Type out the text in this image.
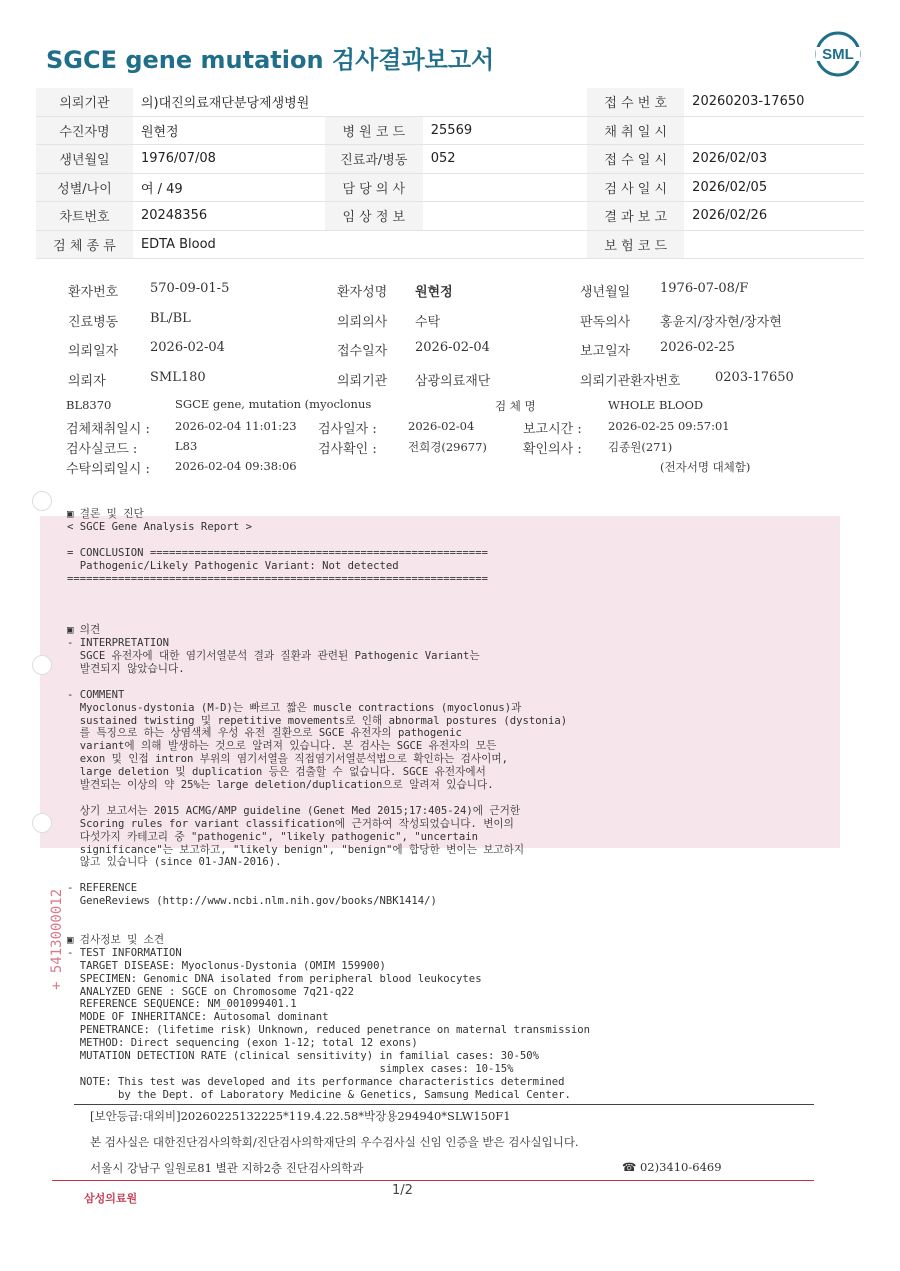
SGCE gene mutation 검사결과보고서	SML
의뢰기관	의)대진의료재단분당제생병원			접 수 번 호	20260203-17650
수진자명	원현정	병 원 코 드	25569	채 취 일 시	
생년월일	1976/07/08	진료과/병동	052	접 수 일 시	2026/02/03
성별/나이	여 / 49	담 당 의 사		검 사 일 시	2026/02/05
차트번호	20248356	임 상 정 보		결 과 보 고	2026/02/26
검 체 종 류	EDTA Blood			보 험 코 드	
환자번호 570-09-01-5	환자성명 원현정	생년월일 1976-07-08/F
진료병동 BL/BL	의뢰의사 수탁	판독의사 홍윤지/장자현/장자현
의뢰일자 2026-02-04	접수일자 2026-02-04	보고일자 2026-02-25
의뢰자	SML180	의뢰기관 삼광의료재단	의뢰기관환자번호	0203-17650
BL8370	SGCE gene, mutation (myoclonus	검 체 명	WHOLE BLOOD
검체채취일시 : 2026-02-04 11:01:23 검사일자 :	2026-02-04	보고시간 : 2026-02-25 09:57:01
검사실코드 :	L83	검사확인 :	전희경(29677)	확인의사 : 김종원(271)
수탁의뢰일시 : 2026-02-04 09:38:06	(전자서명 대체함)
▣ 결론 및 진단
< SGCE Gene Analysis Report >
= CONCLUSION =====================================================
Pathogenic/Likely Pathogenic Variant: Not detected
==================================================================
▣ 의견
- INTERPRETATION
SGCE 유전자에 대한 염기서열분석 결과 질환과 관련된 Pathogenic Variant는
발견되지 않았습니다.
- COMMENT
Myoclonus-dystonia (M-D)는 빠르고 짧은 muscle contractions (myoclonus)과
sustained twisting 및 repetitive movements로 인해 abnormal postures (dystonia)
를 특징으로 하는 상염색체 우성 유전 질환으로 SGCE 유전자의 pathogenic
variant에 의해 발생하는 것으로 알려져 있습니다. 본 검사는 SGCE 유전자의 모든
exon 및 인접 intron 부위의 염기서열을 직접염기서열분석법으로 확인하는 검사이며,
large deletion 및 duplication 등은 검출할 수 없습니다. SGCE 유전자에서
발견되는 이상의 약 25%는 large deletion/duplication으로 알려져 있습니다.
상기 보고서는 2015 ACMG/AMP guideline (Genet Med 2015;17:405-24)에 근거한
Scoring rules for variant classification에 근거하여 작성되었습니다. 변이의
다섯가지 카테고리 중 "pathogenic", "likely pathogenic", "uncertain
significance"는 보고하고, "likely benign", "benign"에 합당한 변이는 보고하지
않고 있습니다 (since 01-JAN-2016).
- REFERENCE
GeneReviews (http://www.ncbi.nlm.nih.gov/books/NBK1414/)
▣ 검사정보 및 소견
- TEST INFORMATION
TARGET DISEASE: Myoclonus-Dystonia (OMIM 159900)
SPECIMEN: Genomic DNA isolated from peripheral blood leukocytes
ANALYZED GENE : SGCE on Chromosome 7q21-q22
REFERENCE SEQUENCE: NM_001099401.1
MODE OF INHERITANCE: Autosomal dominant
PENETRANCE: (lifetime risk) Unknown, reduced penetrance on maternal transmission
METHOD: Direct sequencing (exon 1-12; total 12 exons)
MUTATION DETECTION RATE (clinical sensitivity) in familial cases: 30-50%
simplex cases: 10-15%
NOTE: This test was developed and its performance characteristics determined
by the Dept. of Laboratory Medicine & Genetics, Samsung Medical Center.
+ 5413000012
[보안등급:대외비]20260225132225*119.4.22.58*박장용294940*SLW150F1
본 검사실은 대한진단검사의학회/진단검사의학재단의 우수검사실 신임 인증을 받은 검사실입니다.
서울시 강남구 일원로81 별관 지하2층 진단검사의학과	☎ 02)3410-6469
삼성의료원
1/2
